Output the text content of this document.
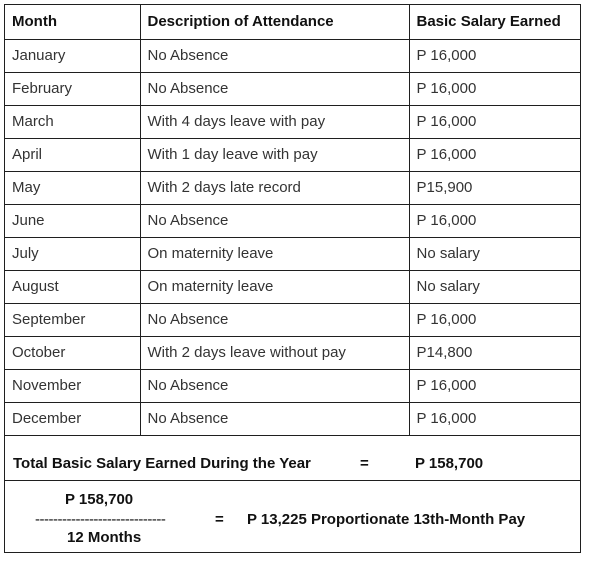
Month	Description of Attendance	Basic Salary Earned
January	No Absence	P 16,000
February	No Absence	P 16,000
March	With 4 days leave with pay	P 16,000
April	With 1 day leave with pay	P 16,000
May	With 2 days late record	P15,900
June	No Absence	P 16,000
July	On maternity leave	No salary
August	On maternity leave	No salary
September	No Absence	P 16,000
October	With 2 days leave without pay	P14,800
November	No Absence	P 16,000
December	No Absence	P 16,000
Total Basic Salary Earned During the Year	=	P 158,700
P 158,700
-----------------------------
12 Months
= P 13,225 Proportionate 13th-Month Pay
